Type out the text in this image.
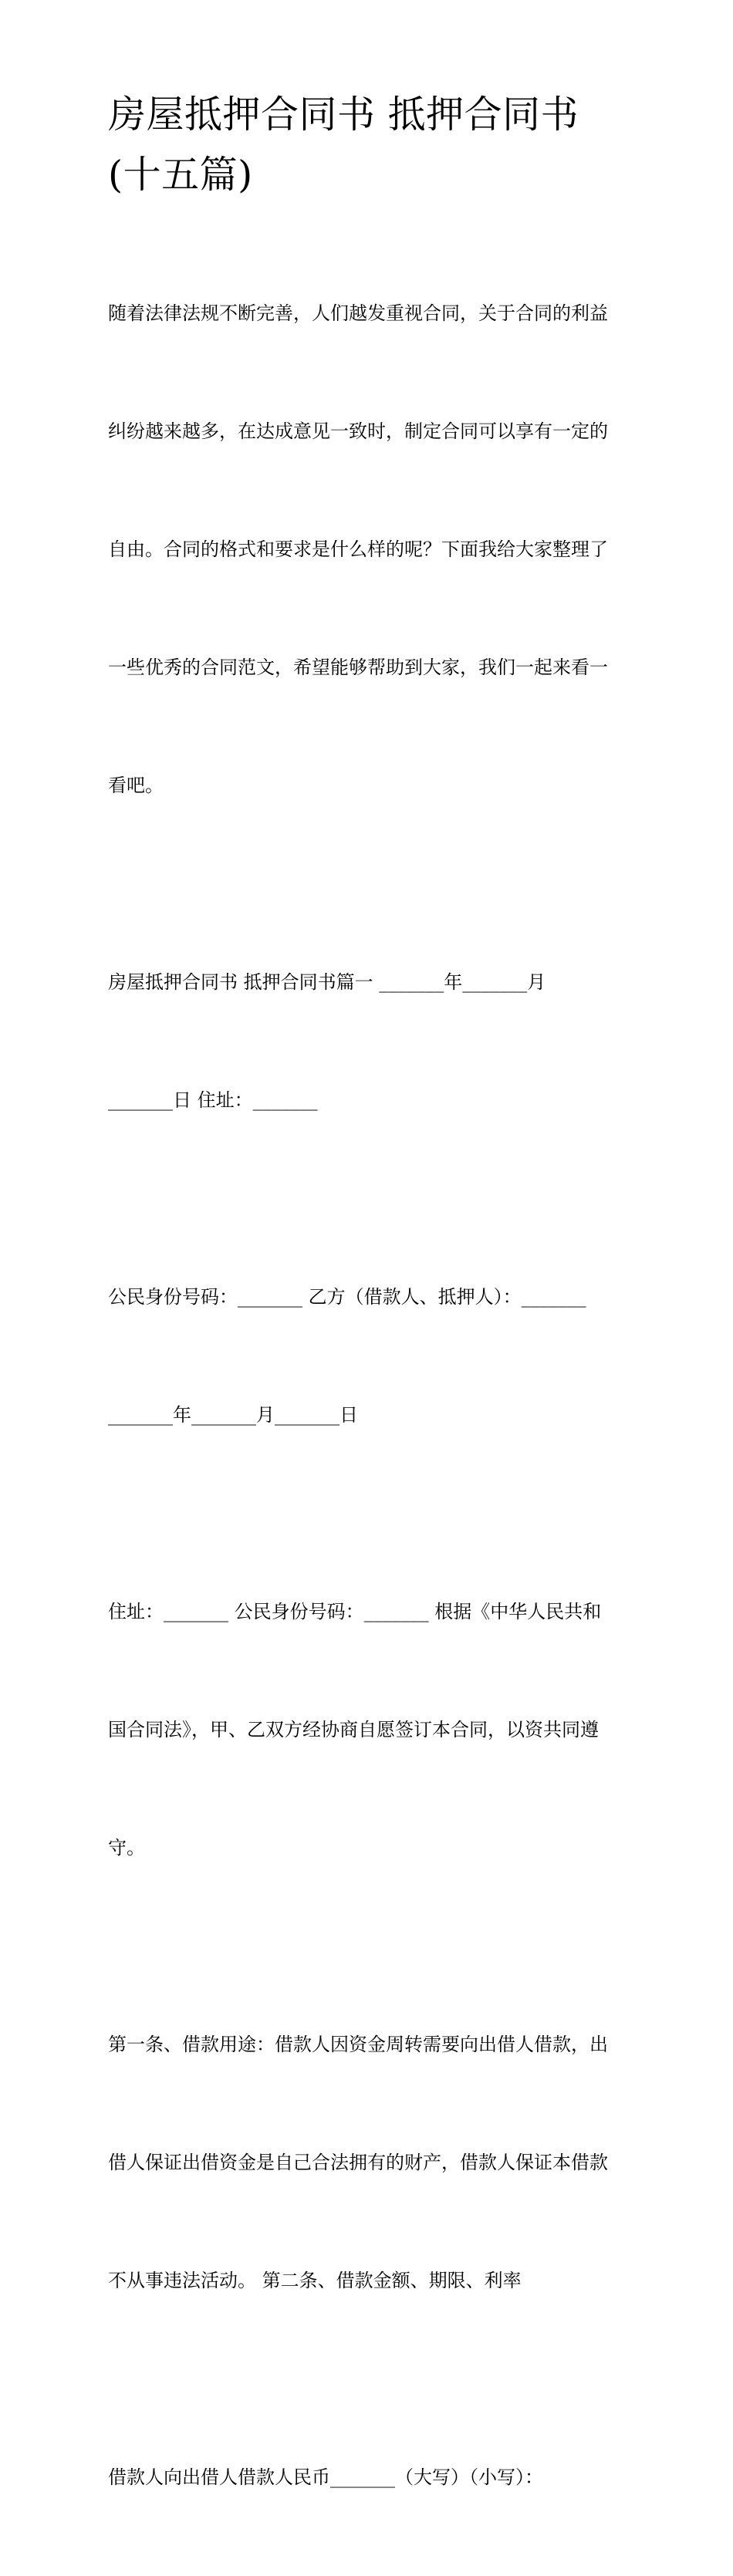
房屋抵押合同书 抵押合同书
(十五篇)

随着法律法规不断完善，人们越发重视合同，关于合同的利益

纠纷越来越多，在达成意见一致时，制定合同可以享有一定的

自由。合同的格式和要求是什么样的呢？下面我给大家整理了

一些优秀的合同范文，希望能够帮助到大家，我们一起来看一

看吧。

房屋抵押合同书 抵押合同书篇一 _______年_______月

_______日 住址：_______

公民身份号码：_______ 乙方（借款人、抵押人）：_______

_______年_______月_______日

住址：_______ 公民身份号码：_______ 根据《中华人民共和

国合同法》，甲、乙双方经协商自愿签订本合同，以资共同遵

守。

第一条、借款用途：借款人因资金周转需要向出借人借款，出

借人保证出借资金是自己合法拥有的财产，借款人保证本借款

不从事违法活动。 第二条、借款金额、期限、利率

借款人向出借人借款人民币_______（大写）（小写）：
